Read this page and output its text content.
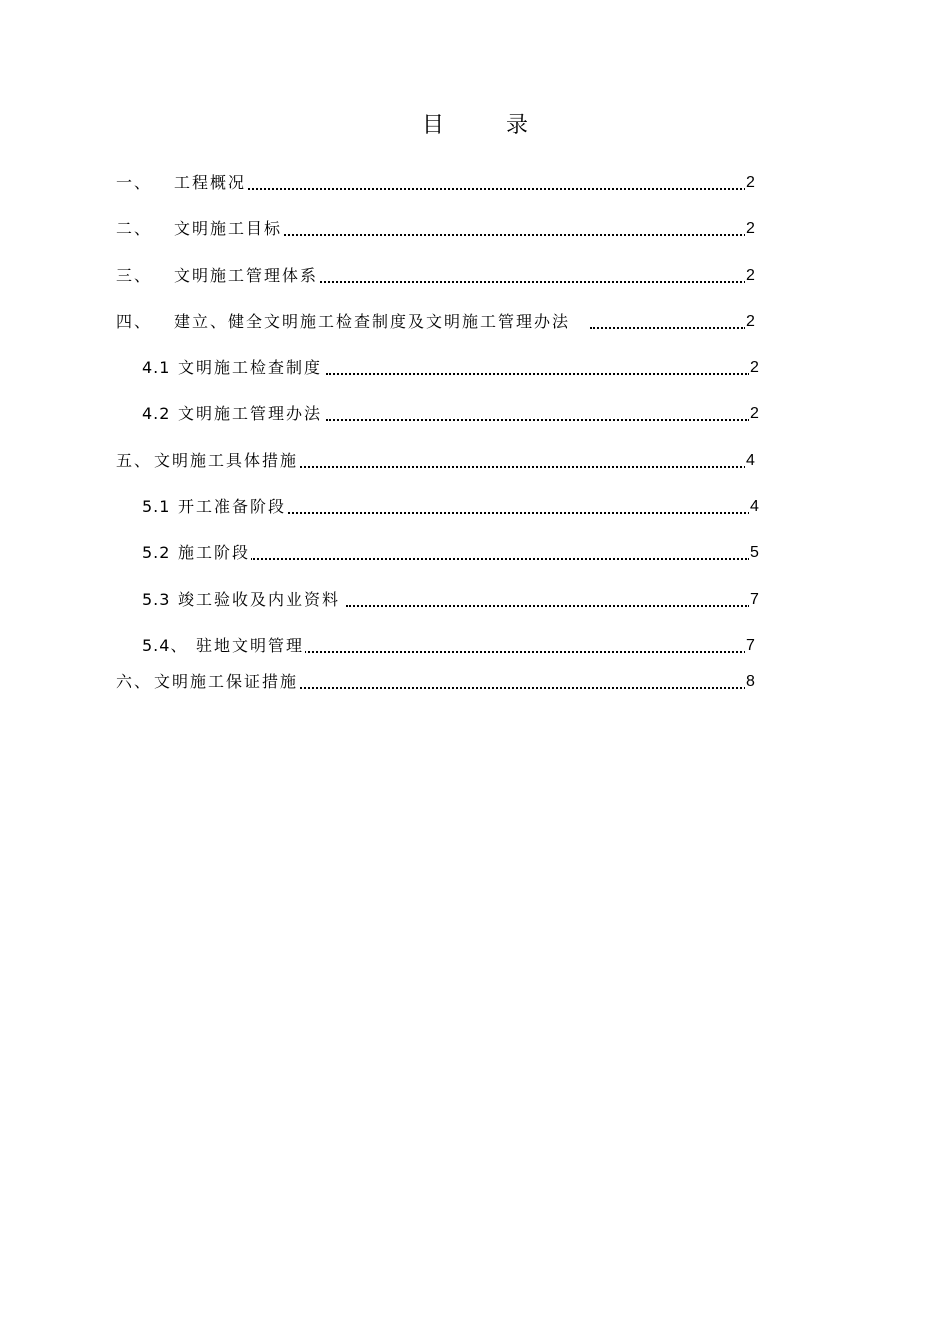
目	录
一、 工程概况	2
二、 文明施工目标	2
三、 文明施工管理体系	2
四、 建立、健全文明施工检查制度及文明施工管理办法	2
4.1 文明施工检查制度	2
4.2 文明施工管理办法	2
五、 文明施工具体措施	4
5.1 开工准备阶段	4
5.2 施工阶段	5
5.3 竣工验收及内业资料	7
5.4、 驻地文明管理	7
六、 文明施工保证措施	8
